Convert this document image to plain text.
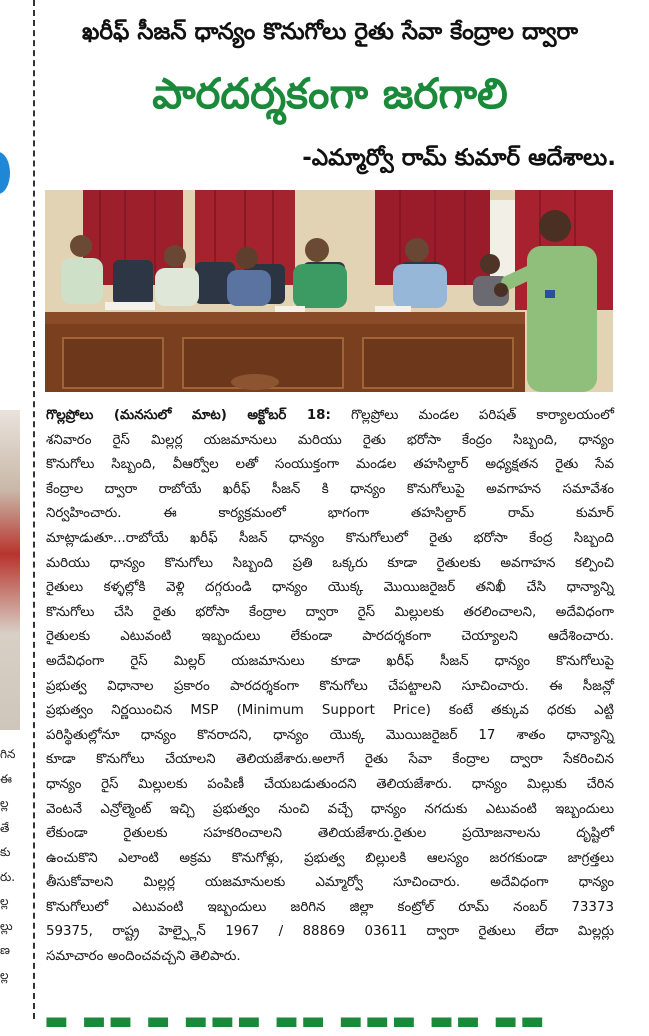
గిన
ఈ
ల్ల
తే
కు
రు.
ల్ల
ల్లు
ణ
ల్ల
ఖరీఫ్ సీజన్ ధాన్యం కొనుగోలు రైతు సేవా కేంద్రాల ద్వారా
పారదర్శకంగా జరగాలి
-ఎమ్మార్వో రామ్ కుమార్ ఆదేశాలు.
గొల్లప్రోలు (మనసులో మాట) అక్టోబర్ 18: గొల్లప్రోలు మండల పరిషత్ కార్యాలయంలో
శనివారం రైస్ మిల్లర్ల యజమానులు మరియు రైతు భరోసా కేంద్రం సిబ్బంది, ధాన్యం
కొనుగోలు సిబ్బంది, వీఆర్వోల లతో సంయుక్తంగా మండల తహసిల్దార్ అధ్యక్షతన రైతు సేవ
కేంద్రాల ద్వారా రాబోయే ఖరీఫ్ సీజన్ కి ధాన్యం కొనుగోలుపై అవగాహన సమావేశం
నిర్వహించారు. ఈ కార్యక్రమంలో భాగంగా తహసిల్దార్ రామ్ కుమార్
మాట్లాడుతూ...రాబోయే ఖరీఫ్ సీజన్ ధాన్యం కొనుగోలులో రైతు భరోసా కేంద్ర సిబ్బంది
మరియు ధాన్యం కొనుగోలు సిబ్బంది ప్రతి ఒక్కరు కూడా రైతులకు అవగాహన కల్పించి
రైతులు కళ్ళల్లోకి వెళ్లి దగ్గరుండి ధాన్యం యొక్క మొయిజరైజర్ తనిఖీ చేసి ధాన్యాన్ని
కొనుగోలు చేసి రైతు భరోసా కేంద్రాల ద్వారా రైస్ మిల్లులకు తరలించాలని, అదేవిధంగా
రైతులకు ఎటువంటి ఇబ్బందులు లేకుండా పారదర్శకంగా చెయ్యాలని ఆదేశించారు.
అదేవిధంగా రైస్ మిల్లర్ యజమానులు కూడా ఖరీఫ్ సీజన్ ధాన్యం కొనుగోలుపై
ప్రభుత్వ విధానాల ప్రకారం పారదర్శకంగా కొనుగోలు చేపట్టాలని సూచించారు. ఈ సీజన్లో
ప్రభుత్వం నిర్ణయించిన MSP (Minimum Support Price) కంటే తక్కువ ధరకు ఎట్టి
పరిస్థితుల్లోనూ ధాన్యం కొనరాదని, ధాన్యం యొక్క మొయిజరైజర్ 17 శాతం ధాన్యాన్ని
కూడా కొనుగోలు చేయాలని తెలియజేశారు.అలాగే రైతు సేవా కేంద్రాల ద్వారా సేకరించిన
ధాన్యం రైస్ మిల్లులకు పంపిణీ చేయబడుతుందని తెలియజేశారు. ధాన్యం మిల్లుకు చేరిన
వెంటనే ఎన్రోల్మెంట్ ఇచ్చి ప్రభుత్వం నుంచి వచ్చే ధాన్యం నగదుకు ఎటువంటి ఇబ్బందులు
లేకుండా రైతులకు సహకరించాలని తెలియజేశారు.రైతుల ప్రయోజనాలను దృష్టిలో
ఉంచుకొని ఎలాంటి అక్రమ కొనుగోళ్లు, ప్రభుత్వ బిల్లులకి ఆలస్యం జరగకుండా జాగ్రత్తలు
తీసుకోవాలని మిల్లర్ల యజమానులకు ఎమ్మార్వో సూచించారు. అదేవిధంగా ధాన్యం
కొనుగోలులో ఎటువంటి ఇబ్బందులు జరిగిన జిల్లా కంట్రోల్ రూమ్ నంబర్ 73373
59375, రాష్ట్ర హెల్ప్లైన్ 1967 / 88869 03611 ద్వారా రైతులు లేదా మిల్లర్లు
సమాచారం అందించవచ్చని తెలిపారు.
▬ ▬▬ ▬ ▬▬▬ ▬▬ ▬▬▬ ▬▬ ▬▬
